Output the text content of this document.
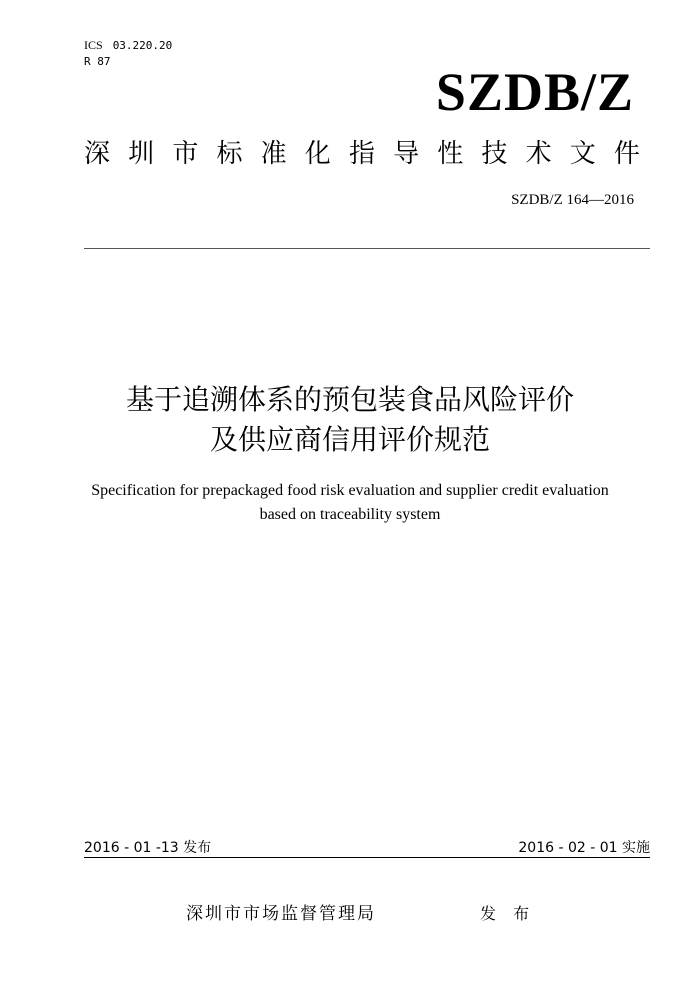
ICS 03.220.20
R 87
SZDB/Z
深 圳 市 标 准 化 指 导 性 技 术 文 件
SZDB/Z 164—2016
基于追溯体系的预包装食品风险评价
及供应商信用评价规范
Specification for prepackaged food risk evaluation and supplier credit evaluation
based on traceability system
2016 - 01 -13 发布	2016 - 02 - 01 实施
深圳市市场监督管理局	发 布
